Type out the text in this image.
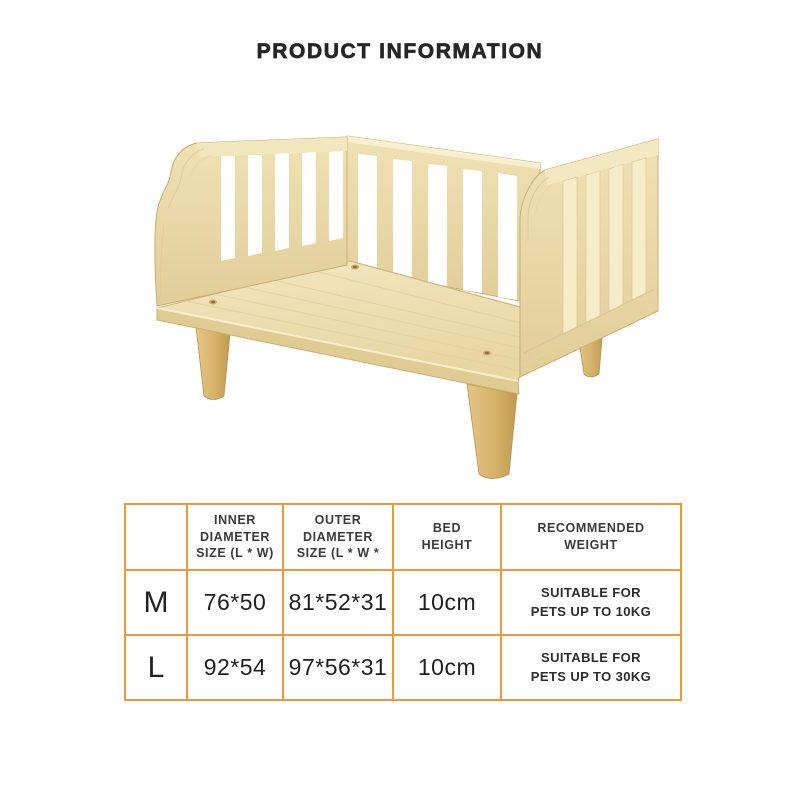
PRODUCT INFORMATION
	INNER DIAMETER SIZE (L * W)	OUTER DIAMETER SIZE (L * W *	BED HEIGHT	RECOMMENDED WEIGHT
M	76*50	81*52*31	10cm	SUITABLE FOR PETS UP TO 10KG
L	92*54	97*56*31	10cm	SUITABLE FOR PETS UP TO 30KG
